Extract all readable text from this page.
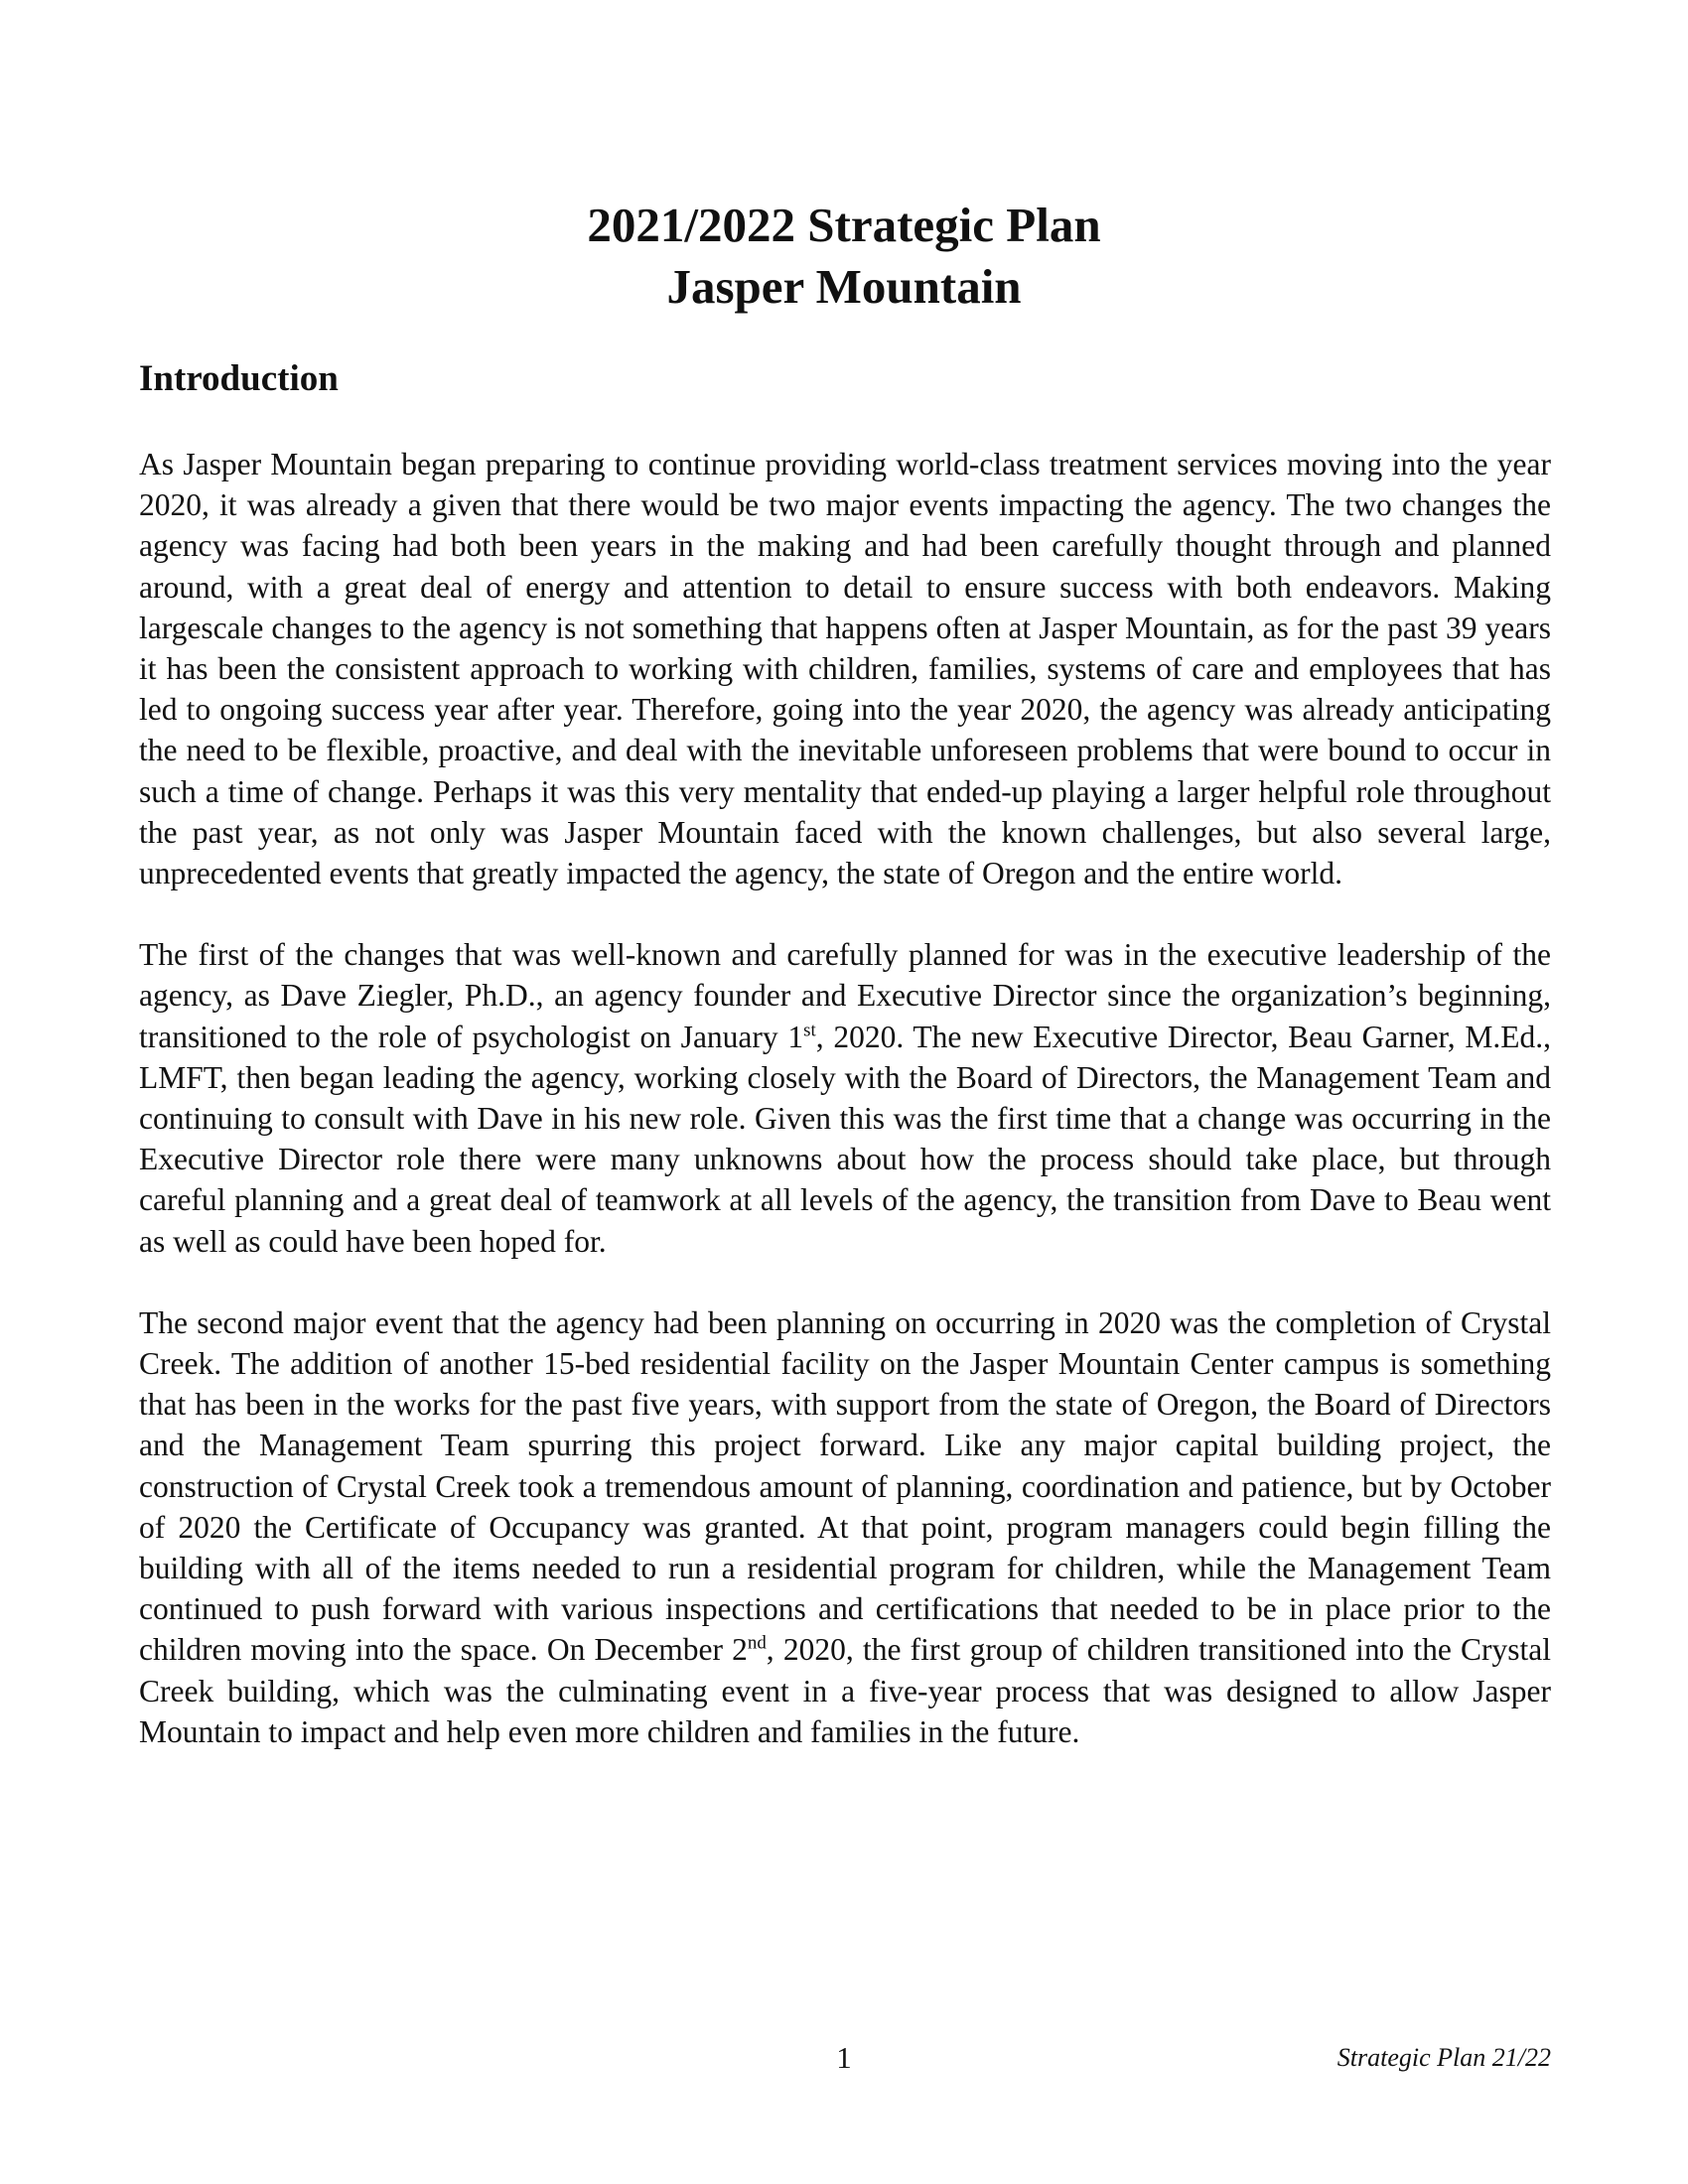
2021/2022 Strategic Plan
Jasper Mountain
Introduction

As Jasper Mountain began preparing to continue providing world-class treatment services moving into the year 2020, it was already a given that there would be two major events impacting the agency. The two changes the agency was facing had both been years in the making and had been carefully thought through and planned around, with a great deal of energy and attention to detail to ensure success with both endeavors. Making largescale changes to the agency is not something that happens often at Jasper Mountain, as for the past 39 years it has been the consistent approach to working with children, families, systems of care and employees that has led to ongoing success year after year. Therefore, going into the year 2020, the agency was already anticipating the need to be flexible, proactive, and deal with the inevitable unforeseen problems that were bound to occur in such a time of change. Perhaps it was this very mentality that ended-up playing a larger helpful role throughout the past year, as not only was Jasper Mountain faced with the known challenges, but also several large, unprecedented events that greatly impacted the agency, the state of Oregon and the entire world.

The first of the changes that was well-known and carefully planned for was in the executive leadership of the agency, as Dave Ziegler, Ph.D., an agency founder and Executive Director since the organization’s beginning, transitioned to the role of psychologist on January 1st, 2020. The new Executive Director, Beau Garner, M.Ed., LMFT, then began leading the agency, working closely with the Board of Directors, the Management Team and continuing to consult with Dave in his new role. Given this was the first time that a change was occurring in the Executive Director role there were many unknowns about how the process should take place, but through careful planning and a great deal of teamwork at all levels of the agency, the transition from Dave to Beau went as well as could have been hoped for.

The second major event that the agency had been planning on occurring in 2020 was the completion of Crystal Creek. The addition of another 15-bed residential facility on the Jasper Mountain Center campus is something that has been in the works for the past five years, with support from the state of Oregon, the Board of Directors and the Management Team spurring this project forward. Like any major capital building project, the construction of Crystal Creek took a tremendous amount of planning, coordination and patience, but by October of 2020 the Certificate of Occupancy was granted. At that point, program managers could begin filling the building with all of the items needed to run a residential program for children, while the Management Team continued to push forward with various inspections and certifications that needed to be in place prior to the children moving into the space. On December 2nd, 2020, the first group of children transitioned into the Crystal Creek building, which was the culminating event in a five-year process that was designed to allow Jasper Mountain to impact and help even more children and families in the future.

1	Strategic Plan 21/22
